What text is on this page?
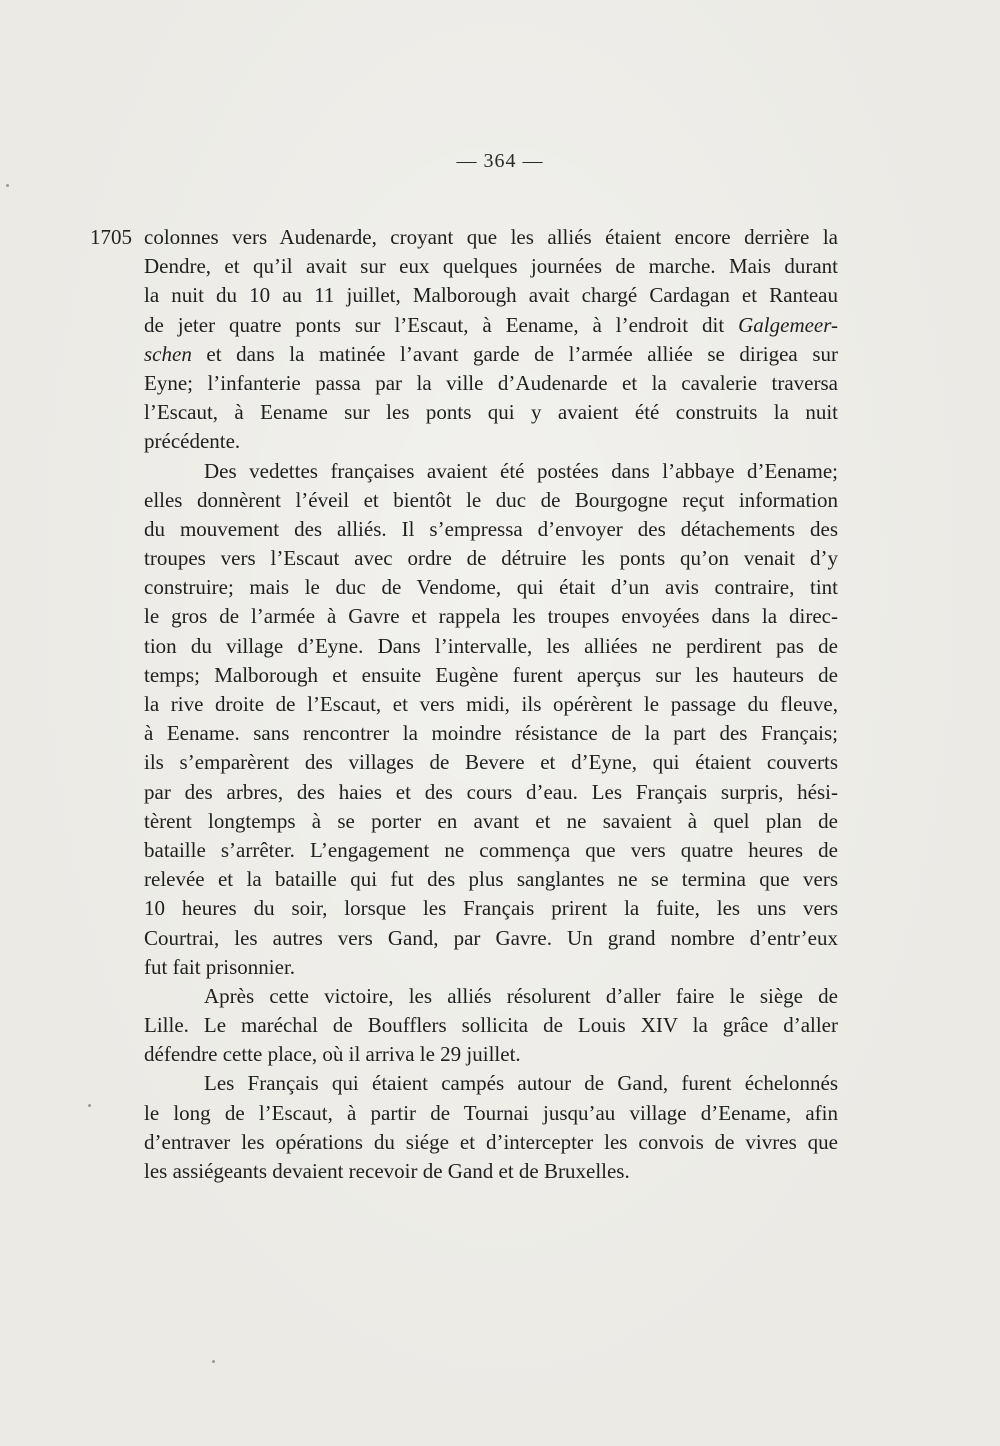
— 364 —
1705 colonnes vers Audenarde, croyant que les alliés étaient encore derrière la
Dendre, et qu’il avait sur eux quelques journées de marche. Mais durant
la nuit du 10 au 11 juillet, Malborough avait chargé Cardagan et Ranteau
de jeter quatre ponts sur l’Escaut, à Eename, à l’endroit dit Galgemeer-
schen et dans la matinée l’avant garde de l’armée alliée se dirigea sur
Eyne; l’infanterie passa par la ville d’Audenarde et la cavalerie traversa
l’Escaut, à Eename sur les ponts qui y avaient été construits la nuit
précédente.
Des vedettes françaises avaient été postées dans l’abbaye d’Eename;
elles donnèrent l’éveil et bientôt le duc de Bourgogne reçut information
du mouvement des alliés. Il s’empressa d’envoyer des détachements des
troupes vers l’Escaut avec ordre de détruire les ponts qu’on venait d’y
construire; mais le duc de Vendome, qui était d’un avis contraire, tint
le gros de l’armée à Gavre et rappela les troupes envoyées dans la direc-
tion du village d’Eyne. Dans l’intervalle, les alliées ne perdirent pas de
temps; Malborough et ensuite Eugène furent aperçus sur les hauteurs de
la rive droite de l’Escaut, et vers midi, ils opérèrent le passage du fleuve,
à Eename. sans rencontrer la moindre résistance de la part des Français;
ils s’emparèrent des villages de Bevere et d’Eyne, qui étaient couverts
par des arbres, des haies et des cours d’eau. Les Français surpris, hési-
tèrent longtemps à se porter en avant et ne savaient à quel plan de
bataille s’arrêter. L’engagement ne commença que vers quatre heures de
relevée et la bataille qui fut des plus sanglantes ne se termina que vers
10 heures du soir, lorsque les Français prirent la fuite, les uns vers
Courtrai, les autres vers Gand, par Gavre. Un grand nombre d’entr’eux
fut fait prisonnier.
Après cette victoire, les alliés résolurent d’aller faire le siège de
Lille. Le maréchal de Boufflers sollicita de Louis XIV la grâce d’aller
défendre cette place, où il arriva le 29 juillet.
Les Français qui étaient campés autour de Gand, furent échelonnés
le long de l’Escaut, à partir de Tournai jusqu’au village d’Eename, afin
d’entraver les opérations du siége et d’intercepter les convois de vivres que
les assiégeants devaient recevoir de Gand et de Bruxelles.
